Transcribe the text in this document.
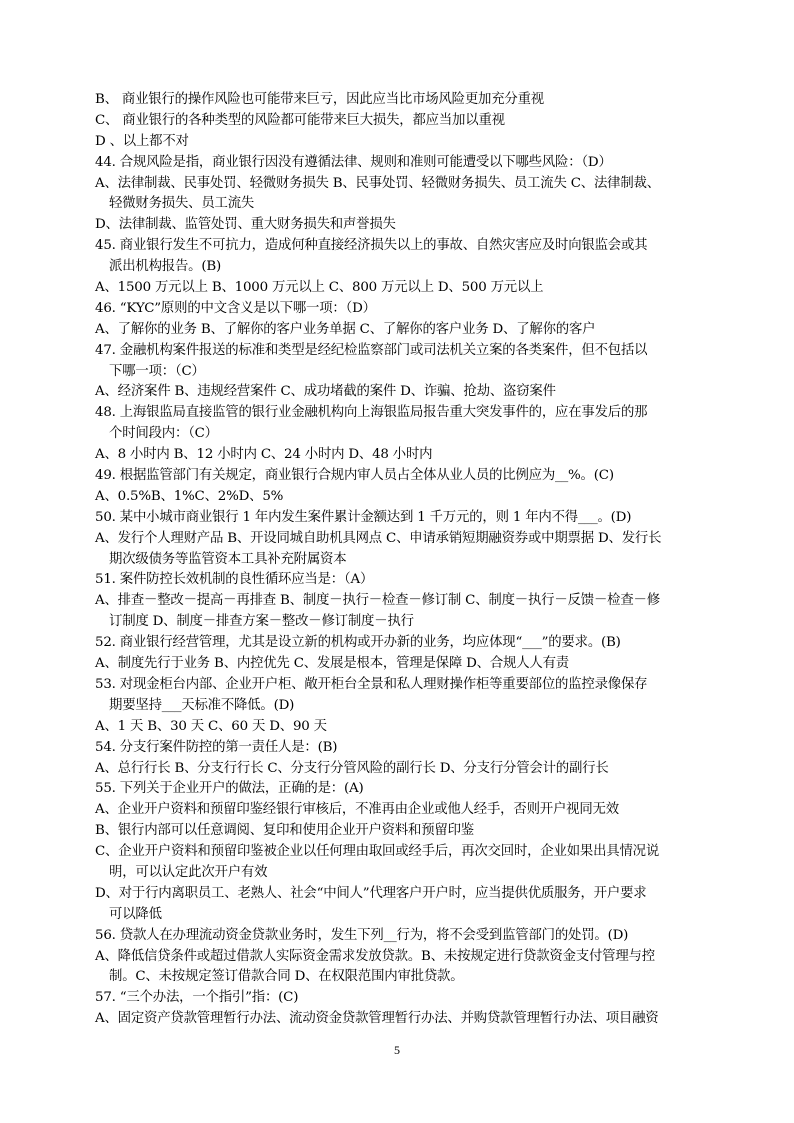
B、 商业银行的操作风险也可能带来巨亏，因此应当比市场风险更加充分重视
C、 商业银行的各种类型的风险都可能带来巨大损失，都应当加以重视
D 、以上都不对
44. 合规风险是指，商业银行因没有遵循法律、规则和准则可能遭受以下哪些风险：（D）
A、法律制裁、民事处罚、轻微财务损失 B、民事处罚、轻微财务损失、员工流失 C、法律制裁、
轻微财务损失、员工流失
D、法律制裁、监管处罚、重大财务损失和声誉损失
45. 商业银行发生不可抗力，造成何种直接经济损失以上的事故、自然灾害应及时向银监会或其
派出机构报告。(B)
A、1500 万元以上 B、1000 万元以上 C、800 万元以上 D、500 万元以上
46. “KYC”原则的中文含义是以下哪一项：（D）
A、了解你的业务 B、了解你的客户业务单据 C、了解你的客户业务 D、了解你的客户
47. 金融机构案件报送的标准和类型是经纪检监察部门或司法机关立案的各类案件，但不包括以
下哪一项：（C）
A、经济案件 B、违规经营案件 C、成功堵截的案件 D、诈骗、抢劫、盗窃案件
48. 上海银监局直接监管的银行业金融机构向上海银监局报告重大突发事件的，应在事发后的那
个时间段内：（C）
A、8 小时内 B、12 小时内 C、24 小时内 D、48 小时内
49. 根据监管部门有关规定，商业银行合规内审人员占全体从业人员的比例应为__%。(C)
A、0.5%B、1%C、2%D、5%
50. 某中小城市商业银行 1 年内发生案件累计金额达到 1 千万元的，则 1 年内不得___。(D)
A、发行个人理财产品 B、开设同城自助机具网点 C、申请承销短期融资券或中期票据 D、发行长
期次级债务等监管资本工具补充附属资本
51. 案件防控长效机制的良性循环应当是：（A）
A、排查－整改－提高－再排查 B、制度－执行－检查－修订制 C、制度－执行－反馈－检查－修
订制度 D、制度－排查方案－整改－修订制度－执行
52. 商业银行经营管理，尤其是设立新的机构或开办新的业务，均应体现“___”的要求。(B)
A、制度先行于业务 B、内控优先 C、发展是根本，管理是保障 D、合规人人有责
53. 对现金柜台内部、企业开户柜、敞开柜台全景和私人理财操作柜等重要部位的监控录像保存
期要坚持___天标准不降低。(D)
A、1 天 B、30 天 C、60 天 D、90 天
54. 分支行案件防控的第一责任人是：(B)
A、总行行长 B、分支行行长 C、分支行分管风险的副行长 D、分支行分管会计的副行长
55. 下列关于企业开户的做法，正确的是：(A)
A、企业开户资料和预留印鉴经银行审核后，不准再由企业或他人经手，否则开户视同无效
B、银行内部可以任意调阅、复印和使用企业开户资料和预留印鉴
C、企业开户资料和预留印鉴被企业以任何理由取回或经手后，再次交回时，企业如果出具情况说
明，可以认定此次开户有效
D、对于行内离职员工、老熟人、社会“中间人”代理客户开户时，应当提供优质服务，开户要求
可以降低
56. 贷款人在办理流动资金贷款业务时，发生下列__行为，将不会受到监管部门的处罚。(D)
A、降低信贷条件或超过借款人实际资金需求发放贷款。B、未按规定进行贷款资金支付管理与控
制。C、未按规定签订借款合同 D、在权限范围内审批贷款。
57. “三个办法，一个指引”指：(C)
A、固定资产贷款管理暂行办法、流动资金贷款管理暂行办法、并购贷款管理暂行办法、项目融资
5
